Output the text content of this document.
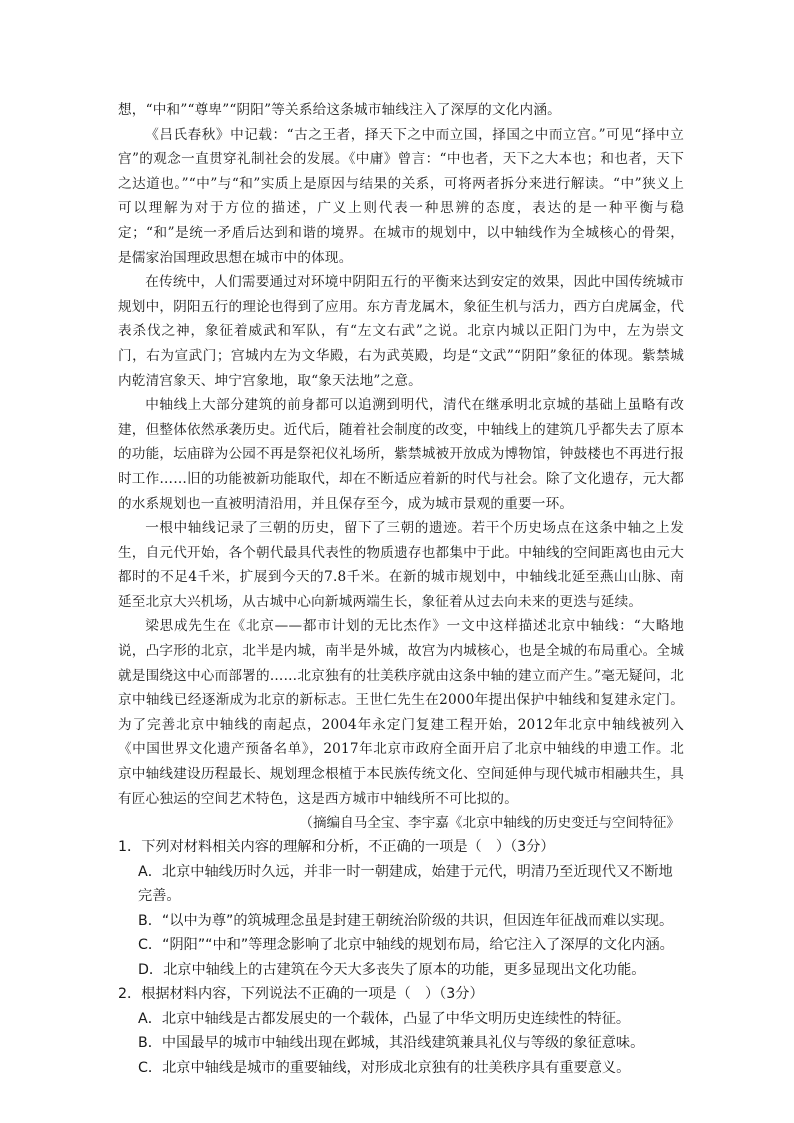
想，“中和”“尊卑”“阴阳”等关系给这条城市轴线注入了深厚的文化内涵。

《吕氏春秋》中记载：“古之王者，择天下之中而立国，择国之中而立宫。”可见“择中立宫”的观念一直贯穿礼制社会的发展。《中庸》曾言：“中也者，天下之大本也；和也者，天下之达道也。”“中”与“和”实质上是原因与结果的关系，可将两者拆分来进行解读。“中”狭义上可以理解为对于方位的描述，广义上则代表一种思辨的态度，表达的是一种平衡与稳定；“和”是统一矛盾后达到和谐的境界。在城市的规划中，以中轴线作为全城核心的骨架，是儒家治国理政思想在城市中的体现。

在传统中，人们需要通过对环境中阴阳五行的平衡来达到安定的效果，因此中国传统城市规划中，阴阳五行的理论也得到了应用。东方青龙属木，象征生机与活力，西方白虎属金，代表杀伐之神，象征着威武和军队，有“左文右武”之说。北京内城以正阳门为中，左为崇文门，右为宣武门；宫城内左为文华殿，右为武英殿，均是“文武”“阴阳”象征的体现。紫禁城内乾清宫象天、坤宁宫象地，取“象天法地”之意。

中轴线上大部分建筑的前身都可以追溯到明代，清代在继承明北京城的基础上虽略有改建，但整体依然承袭历史。近代后，随着社会制度的改变，中轴线上的建筑几乎都失去了原本的功能，坛庙辟为公园不再是祭祀仪礼场所，紫禁城被开放成为博物馆，钟鼓楼也不再进行报时工作……旧的功能被新功能取代，却在不断适应着新的时代与社会。除了文化遗存，元大都的水系规划也一直被明清沿用，并且保存至今，成为城市景观的重要一环。

一根中轴线记录了三朝的历史，留下了三朝的遗迹。若干个历史场点在这条中轴之上发生，自元代开始，各个朝代最具代表性的物质遗存也都集中于此。中轴线的空间距离也由元大都时的不足4千米，扩展到今天的7.8千米。在新的城市规划中，中轴线北延至燕山山脉、南延至北京大兴机场，从古城中心向新城两端生长，象征着从过去向未来的更迭与延续。

梁思成先生在《北京——都市计划的无比杰作》一文中这样描述北京中轴线：“大略地说，凸字形的北京，北半是内城，南半是外城，故宫为内城核心，也是全城的布局重心。全城就是围绕这中心而部署的……北京独有的壮美秩序就由这条中轴的建立而产生。”毫无疑问，北京中轴线已经逐渐成为北京的新标志。王世仁先生在2000年提出保护中轴线和复建永定门。为了完善北京中轴线的南起点，2004年永定门复建工程开始，2012年北京中轴线被列入《中国世界文化遗产预备名单》，2017年北京市政府全面开启了北京中轴线的申遗工作。北京中轴线建设历程最长、规划理念根植于本民族传统文化、空间延伸与现代城市相融共生，具有匠心独运的空间艺术特色，这是西方城市中轴线所不可比拟的。

（摘编自马全宝、李宇嘉《北京中轴线的历史变迁与空间特征》

1．下列对材料相关内容的理解和分析，不正确的一项是（　）（3分）

A．北京中轴线历时久远，并非一时一朝建成，始建于元代，明清乃至近现代又不断地完善。

B．“以中为尊”的筑城理念虽是封建王朝统治阶级的共识，但因连年征战而难以实现。

C．“阴阳”“中和”等理念影响了北京中轴线的规划布局，给它注入了深厚的文化内涵。

D．北京中轴线上的古建筑在今天大多丧失了原本的功能，更多显现出文化功能。

2．根据材料内容，下列说法不正确的一项是（　）（3分）

A．北京中轴线是古都发展史的一个载体，凸显了中华文明历史连续性的特征。

B．中国最早的城市中轴线出现在邺城，其沿线建筑兼具礼仪与等级的象征意味。

C．北京中轴线是城市的重要轴线，对形成北京独有的壮美秩序具有重要意义。
